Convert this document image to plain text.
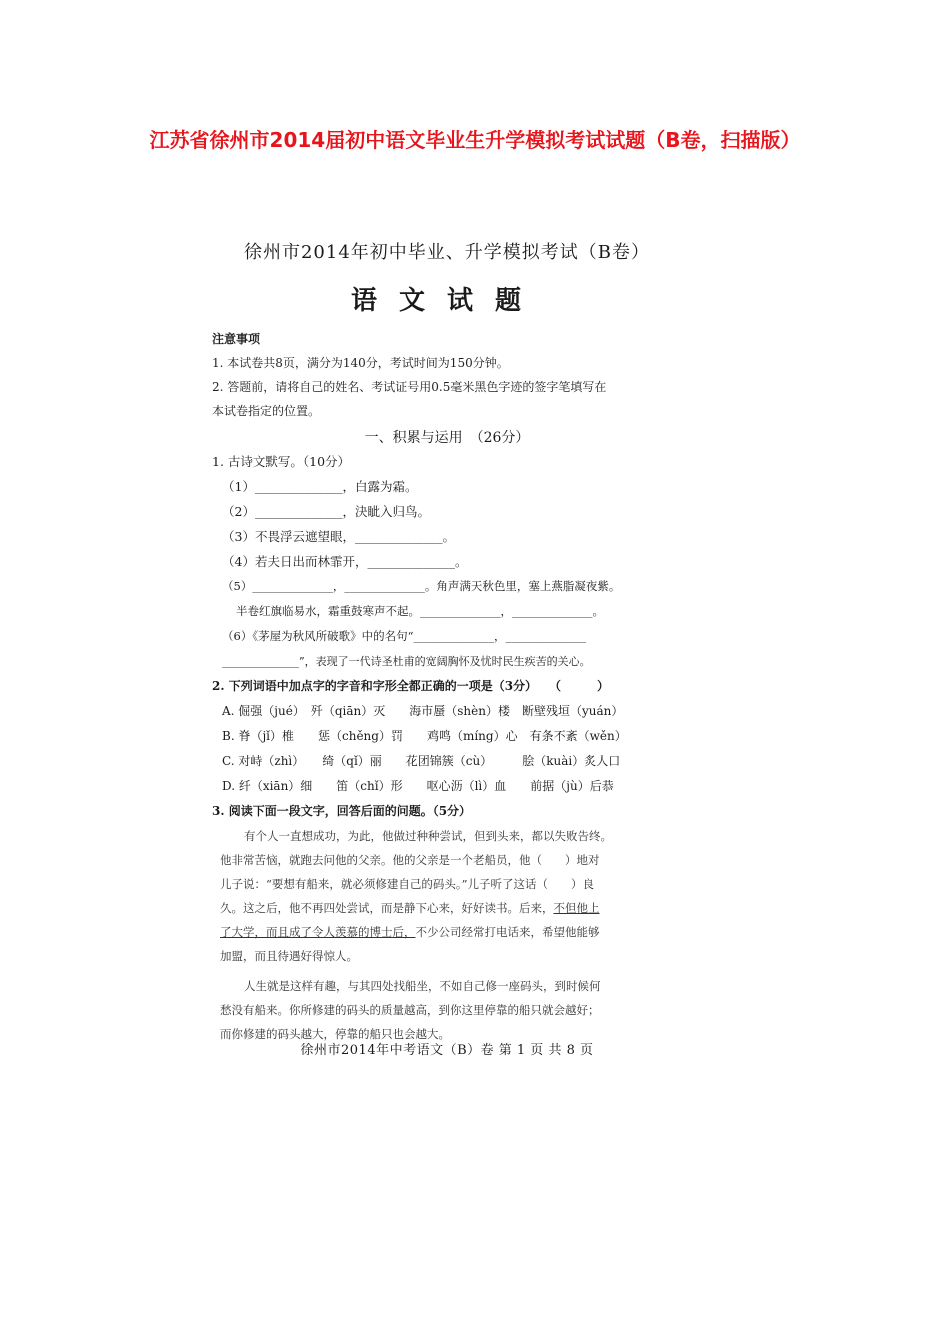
江苏省徐州市2014届初中语文毕业生升学模拟考试试题（B卷，扫描版）
徐州市2014年初中毕业、升学模拟考试（B卷）
语文试题
注意事项
1. 本试卷共8页，满分为140分，考试时间为150分钟。
2. 答题前，请将自己的姓名、考试证号用0.5毫米黑色字迹的签字笔填写在
本试卷指定的位置。
一、积累与运用　（26分）
1. 古诗文默写。（10分）
（1）______________，白露为霜。
（2）______________，決眦入归鸟。
（3）不畏浮云遮望眼，______________。
（4）若夫日出而林霏开，______________。
（5）______________，______________。角声满天秋色里，塞上燕脂凝夜紫。
半卷红旗临易水，霜重鼓寒声不起。______________，______________。
（6）《茅屋为秋风所破歌》中的名句“______________，______________
______________”，表现了一代诗圣杜甫的宽阔胸怀及忧时民生疾苦的关心。
2. 下列词语中加点字的字音和字形全都正确的一项是（3分）　　（　　　）
A. 倔强（jué）　歼（qiān）灭　　海市蜃（shèn）楼　断壁残垣（yuán）
B. 脊（jǐ）椎　　惩（chěng）罚　　鸡鸣（míng）心　有条不紊（wěn）
C. 对峙（zhì）　　绮（qǐ）丽　　花团锦簇（cù）　　　脍（kuài）炙人口
D. 纤（xiān）细　　笛（chǐ）形　　呕心沥（lì）血　　前据（jù）后恭
3. 阅读下面一段文字，回答后面的问题。（5分）

有个人一直想成功，为此，他做过种种尝试，但到头来，都以失败告终。

他非常苦恼，就跑去问他的父亲。他的父亲是一个老船员，他（　　）地对

儿子说：“要想有船来，就必须修建自己的码头。”儿子听了这话（　　）良

久。这之后，他不再四处尝试，而是静下心来，好好读书。后来，不但他上

了大学，而且成了令人羡慕的博士后，不少公司经常打电话来，希望他能够

加盟，而且待遇好得惊人。

人生就是这样有趣，与其四处找船坐，不如自己修一座码头，到时候何

愁没有船来。你所修建的码头的质量越高，到你这里停靠的船只就会越好；

而你修建的码头越大，停靠的船只也会越大。

徐州市2014年中考语文（B）卷 第 1 页 共 8 页
